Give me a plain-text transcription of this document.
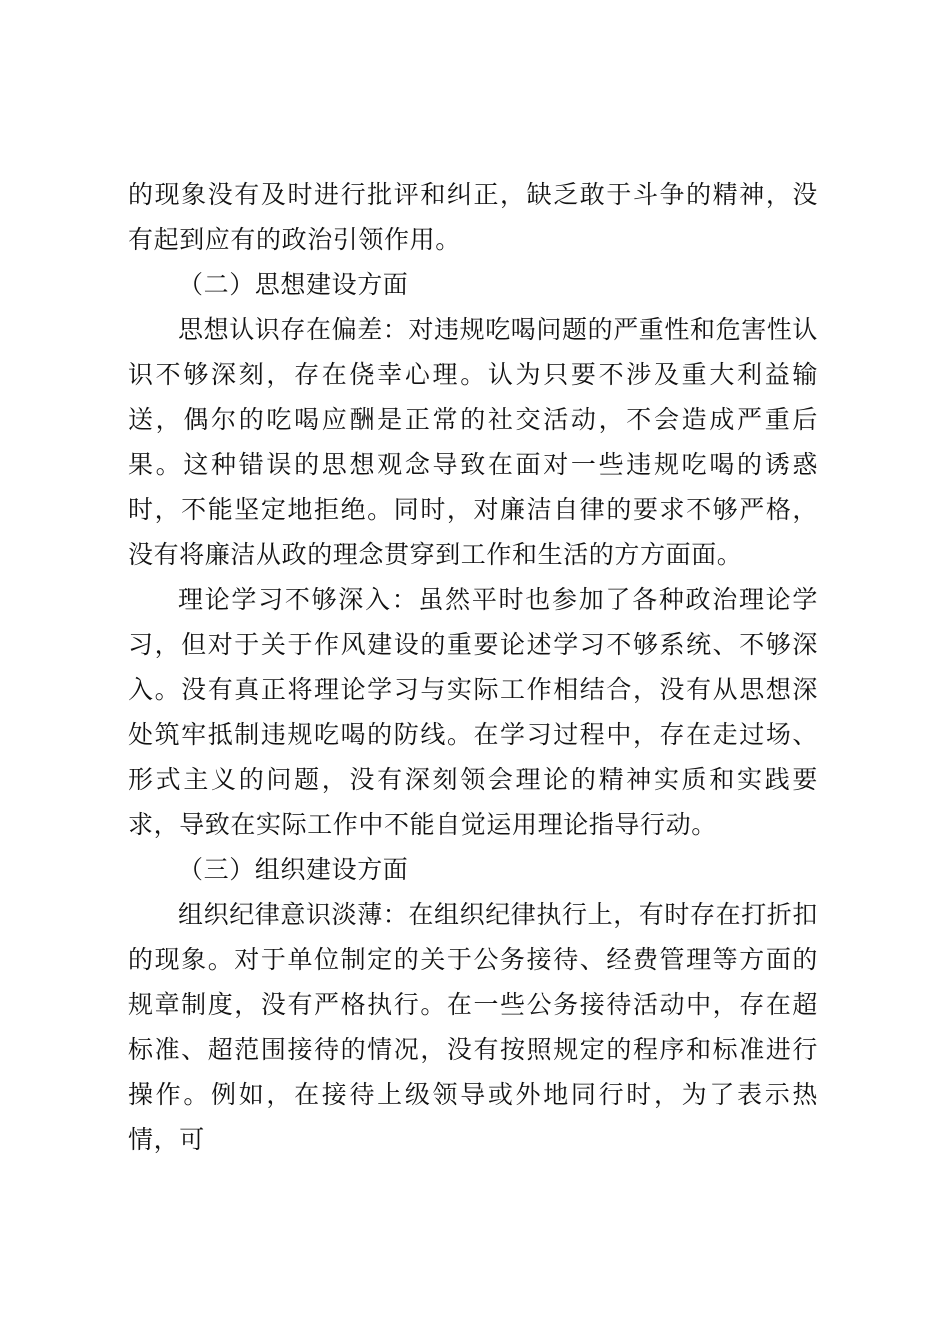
的现象没有及时进行批评和纠正，缺乏敢于斗争的精神，没有起到应有的政治引领作用。

（二）思想建设方面

思想认识存在偏差：对违规吃喝问题的严重性和危害性认识不够深刻，存在侥幸心理。认为只要不涉及重大利益输送，偶尔的吃喝应酬是正常的社交活动，不会造成严重后果。这种错误的思想观念导致在面对一些违规吃喝的诱惑时，不能坚定地拒绝。同时，对廉洁自律的要求不够严格，没有将廉洁从政的理念贯穿到工作和生活的方方面面。

理论学习不够深入：虽然平时也参加了各种政治理论学习，但对于关于作风建设的重要论述学习不够系统、不够深入。没有真正将理论学习与实际工作相结合，没有从思想深处筑牢抵制违规吃喝的防线。在学习过程中，存在走过场、形式主义的问题，没有深刻领会理论的精神实质和实践要求，导致在实际工作中不能自觉运用理论指导行动。

（三）组织建设方面

组织纪律意识淡薄：在组织纪律执行上，有时存在打折扣的现象。对于单位制定的关于公务接待、经费管理等方面的规章制度，没有严格执行。在一些公务接待活动中，存在超标准、超范围接待的情况，没有按照规定的程序和标准进行操作。例如，在接待上级领导或外地同行时，为了表示热情，可
